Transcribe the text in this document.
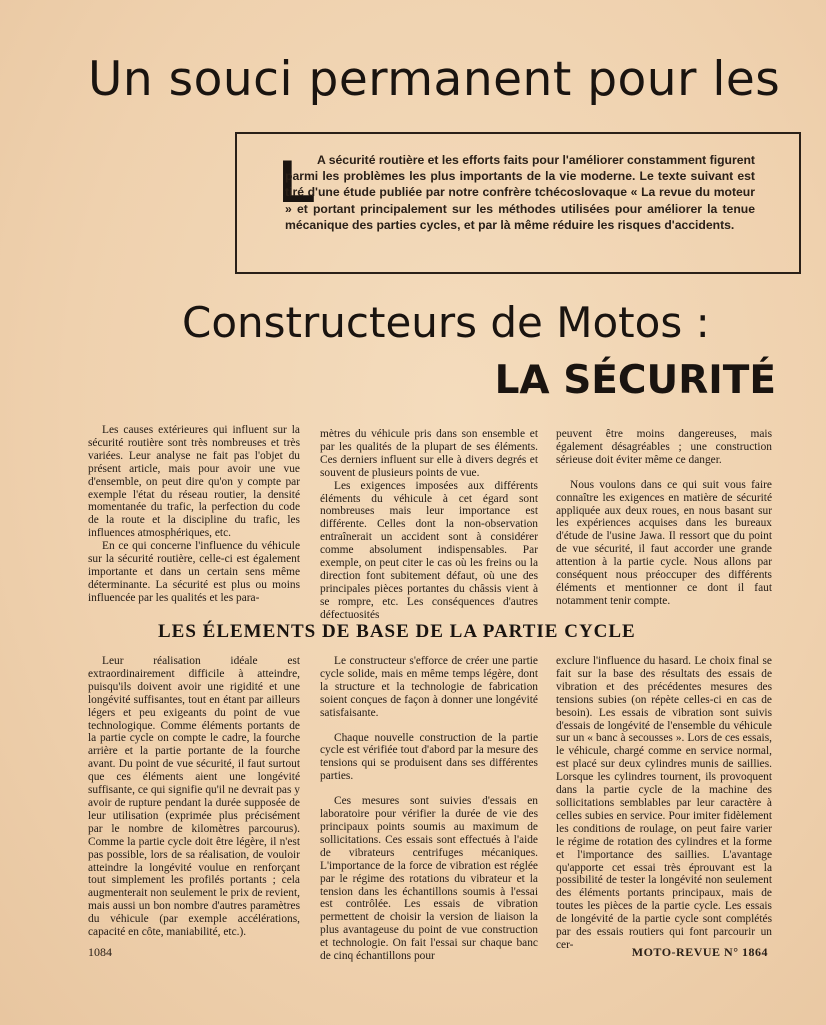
Un souci permanent pour les
L A sécurité routière et les efforts faits pour l'améliorer constamment figurent parmi les problèmes les plus importants de la vie moderne. Le texte suivant est tiré d'une étude publiée par notre confrère tchécoslovaque « La revue du moteur » et portant principalement sur les méthodes utilisées pour améliorer la tenue mécanique des parties cycles, et par là même réduire les risques d'accidents.
Constructeurs de Motos :
LA SÉCURITÉ

Les causes extérieures qui influent sur la sécurité routière sont très nombreuses et très variées. Leur analyse ne fait pas l'objet du présent article, mais pour avoir une vue d'ensemble, on peut dire qu'on y compte par exemple l'état du réseau routier, la densité momentanée du trafic, la perfection du code de la route et la discipline du trafic, les influences atmosphériques, etc.

En ce qui concerne l'influence du véhicule sur la sécurité routière, celle-ci est également importante et dans un certain sens même déterminante. La sécurité est plus ou moins influencée par les qualités et les para-

mètres du véhicule pris dans son ensemble et par les qualités de la plupart de ses éléments. Ces derniers influent sur elle à divers degrés et souvent de plusieurs points de vue.

Les exigences imposées aux différents éléments du véhicule à cet égard sont nombreuses mais leur importance est différente. Celles dont la non-observation entraînerait un accident sont à considérer comme absolument indispensables. Par exemple, on peut citer le cas où les freins ou la direction font subitement défaut, où une des principales pièces portantes du châssis vient à se rompre, etc. Les conséquences d'autres défectuosités

peuvent être moins dangereuses, mais également désagréables ; une construction sérieuse doit éviter même ce danger.

Nous voulons dans ce qui suit vous faire connaître les exigences en matière de sécurité appliquée aux deux roues, en nous basant sur les expériences acquises dans les bureaux d'étude de l'usine Jawa. Il ressort que du point de vue sécurité, il faut accorder une grande attention à la partie cycle. Nous allons par conséquent nous préoccuper des différents éléments et mentionner ce dont il faut notamment tenir compte.

LES ÉLEMENTS DE BASE DE LA PARTIE CYCLE

Leur réalisation idéale est extraordinairement difficile à atteindre, puisqu'ils doivent avoir une rigidité et une longévité suffisantes, tout en étant par ailleurs légers et peu exigeants du point de vue technologique. Comme éléments portants de la partie cycle on compte le cadre, la fourche arrière et la partie portante de la fourche avant. Du point de vue sécurité, il faut surtout que ces éléments aient une longévité suffisante, ce qui signifie qu'il ne devrait pas y avoir de rupture pendant la durée supposée de leur utilisation (exprimée plus précisément par le nombre de kilomètres parcourus). Comme la partie cycle doit être légère, il n'est pas possible, lors de sa réalisation, de vouloir atteindre la longévité voulue en renforçant tout simplement les profilés portants ; cela augmenterait non seulement le prix de revient, mais aussi un bon nombre d'autres paramètres du véhicule (par exemple accélérations, capacité en côte, maniabilité, etc.).

Le constructeur s'efforce de créer une partie cycle solide, mais en même temps légère, dont la structure et la technologie de fabrication soient conçues de façon à donner une longévité satisfaisante.

Chaque nouvelle construction de la partie cycle est vérifiée tout d'abord par la mesure des tensions qui se produisent dans ses différentes parties.

Ces mesures sont suivies d'essais en laboratoire pour vérifier la durée de vie des principaux points soumis au maximum de sollicitations. Ces essais sont effectués à l'aide de vibrateurs centrifuges mécaniques. L'importance de la force de vibration est réglée par le régime des rotations du vibrateur et la tension dans les échantillons soumis à l'essai est contrôlée. Les essais de vibration permettent de choisir la version de liaison la plus avantageuse du point de vue construction et technologie. On fait l'essai sur chaque banc de cinq échantillons pour

exclure l'influence du hasard. Le choix final se fait sur la base des résultats des essais de vibration et des précédentes mesures des tensions subies (on répète celles-ci en cas de besoin). Les essais de vibration sont suivis d'essais de longévité de l'ensemble du véhicule sur un « banc à secousses ». Lors de ces essais, le véhicule, chargé comme en service normal, est placé sur deux cylindres munis de saillies. Lorsque les cylindres tournent, ils provoquent dans la partie cycle de la machine des sollicitations semblables par leur caractère à celles subies en service. Pour imiter fidèlement les conditions de roulage, on peut faire varier le régime de rotation des cylindres et la forme et l'importance des saillies. L'avantage qu'apporte cet essai très éprouvant est la possibilité de tester la longévité non seulement des éléments portants principaux, mais de toutes les pièces de la partie cycle. Les essais de longévité de la partie cycle sont complétés par des essais routiers qui font parcourir un cer-

1084	MOTO-REVUE N° 1864
